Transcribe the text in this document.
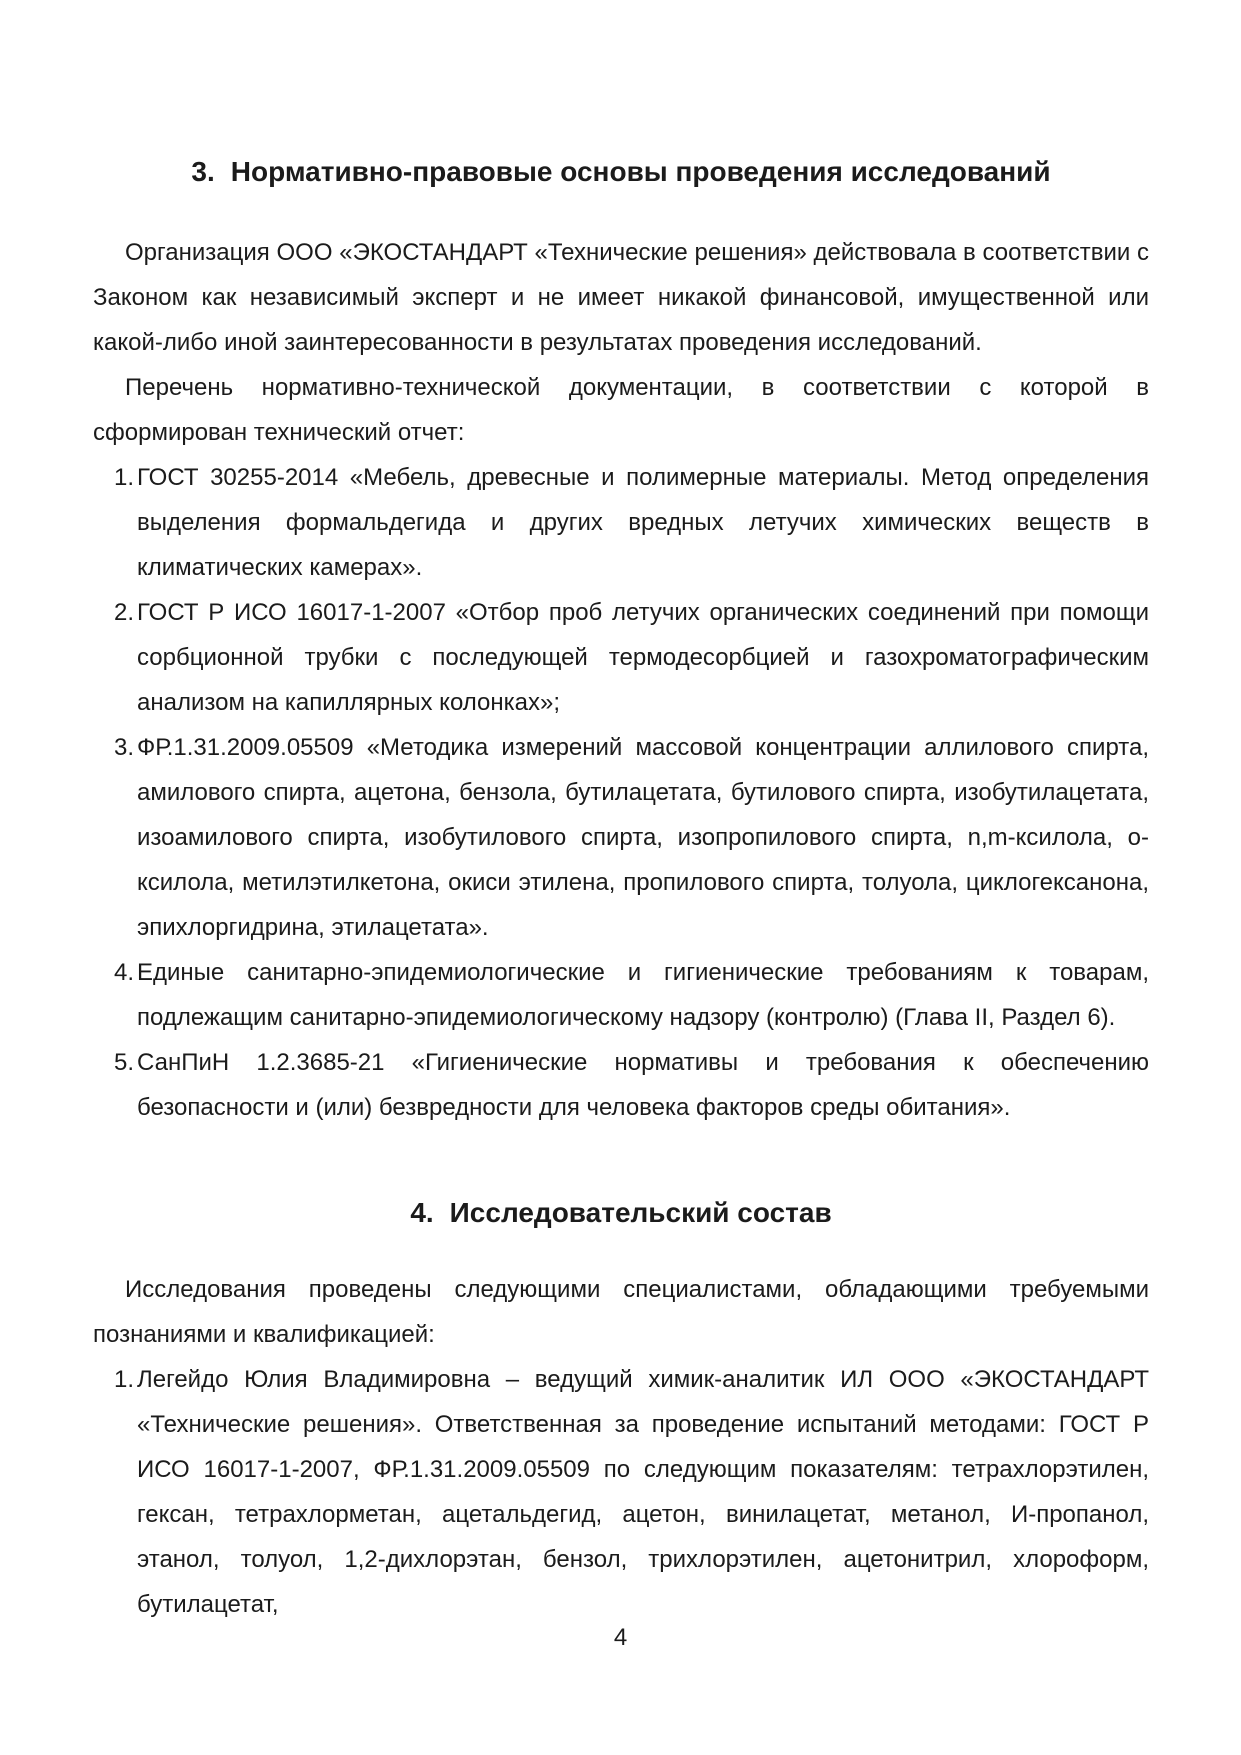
3. Нормативно-правовые основы проведения исследований

Организация ООО «ЭКОСТАНДАРТ «Технические решения» действовала в соответствии с Законом как независимый эксперт и не имеет никакой финансовой, имущественной или какой-либо иной заинтересованности в результатах проведения исследований.

Перечень нормативно-технической документации, в соответствии с которой в сформирован технический отчет:

1. ГОСТ 30255-2014 «Мебель, древесные и полимерные материалы. Метод определения выделения формальдегида и других вредных летучих химических веществ в климатических камерах».
2. ГОСТ Р ИСО 16017-1-2007 «Отбор проб летучих органических соединений при помощи сорбционной трубки с последующей термодесорбцией и газохроматографическим анализом на капиллярных колонках»;
3. ФР.1.31.2009.05509 «Методика измерений массовой концентрации аллилового спирта, амилового спирта, ацетона, бензола, бутилацетата, бутилового спирта, изобутилацетата, изоамилового спирта, изобутилового спирта, изопропилового спирта, n,m-ксилола, о-ксилола, метилэтилкетона, окиси этилена, пропилового спирта, толуола, циклогексанона, эпихлоргидрина, этилацетата».
4. Единые санитарно-эпидемиологические и гигиенические требованиям к товарам, подлежащим санитарно-эпидемиологическому надзору (контролю) (Глава II, Раздел 6).
5. СанПиН 1.2.3685-21 «Гигиенические нормативы и требования к обеспечению безопасности и (или) безвредности для человека факторов среды обитания».
4. Исследовательский состав

Исследования проведены следующими специалистами, обладающими требуемыми познаниями и квалификацией:

1. Легейдо Юлия Владимировна – ведущий химик-аналитик ИЛ ООО «ЭКОСТАНДАРТ «Технические решения». Ответственная за проведение испытаний методами: ГОСТ Р ИСО 16017-1-2007, ФР.1.31.2009.05509 по следующим показателям: тетрахлорэтилен, гексан, тетрахлорметан, ацетальдегид, ацетон, винилацетат, метанол, И-пропанол, этанол, толуол, 1,2-дихлорэтан, бензол, трихлорэтилен, ацетонитрил, хлороформ, бутилацетат,
4
